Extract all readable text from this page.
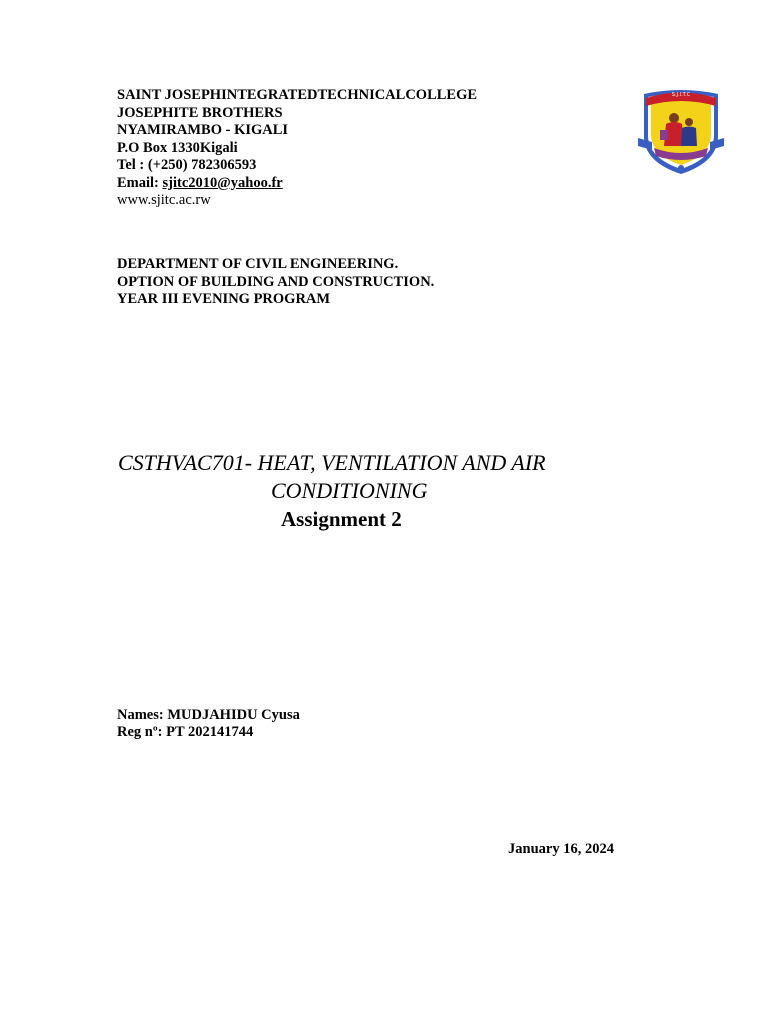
SAINT JOSEPHINTEGRATEDTECHNICALCOLLEGE
JOSEPHITE BROTHERS
NYAMIRAMBO - KIGALI
P.O Box 1330Kigali
Tel : (+250) 782306593
Email: sjitc2010@yahoo.fr
www.sjitc.ac.rw
S.J.I.T.C
DEPARTMENT OF CIVIL ENGINEERING.
OPTION OF BUILDING AND CONSTRUCTION.
YEAR III EVENING PROGRAM
CSTHVAC701- HEAT, VENTILATION AND AIR
CONDITIONING
Assignment 2
Names: MUDJAHIDU Cyusa
Reg nº: PT 202141744
January 16, 2024
